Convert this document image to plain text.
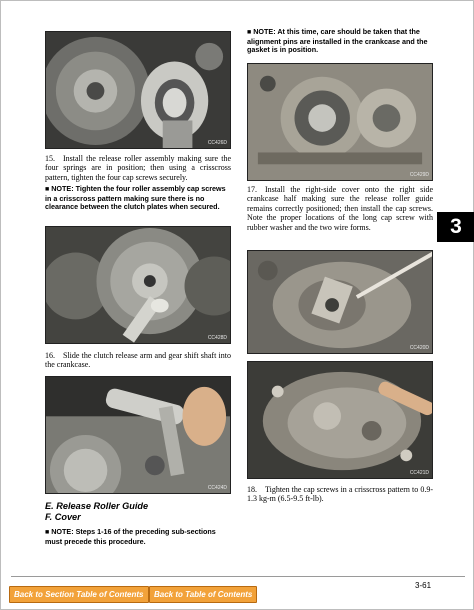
CC426D
15. Install the release roller assembly making sure the four springs are in position; then using a crisscross pattern, tighten the four cap screws securely.
■ NOTE: Tighten the four roller assembly cap screws in a crisscross pattern making sure there is no clearance between the clutch plates when secured.
CC428D
16. Slide the clutch release arm and gear shift shaft into the crankcase.
CC424D
E. Release Roller Guide
F. Cover
■ NOTE: Steps 1-16 of the preceding sub-sections must precede this procedure.
■ NOTE: At this time, care should be taken that the alignment pins are installed in the crankcase and the gasket is in position.
CC429D
17. Install the right-side cover onto the right side crankcase half making sure the release roller guide remains correctly positioned; then install the cap screws. Note the proper locations of the long cap screw with rubber washer and the two wire forms.
CC420D
CC421D
18. Tighten the cap screws in a crisscross pattern to 0.9-1.3 kg-m (6.5-9.5 ft-lb).
3
3-61
Back to Section Table of Contents	Back to Table of Contents
